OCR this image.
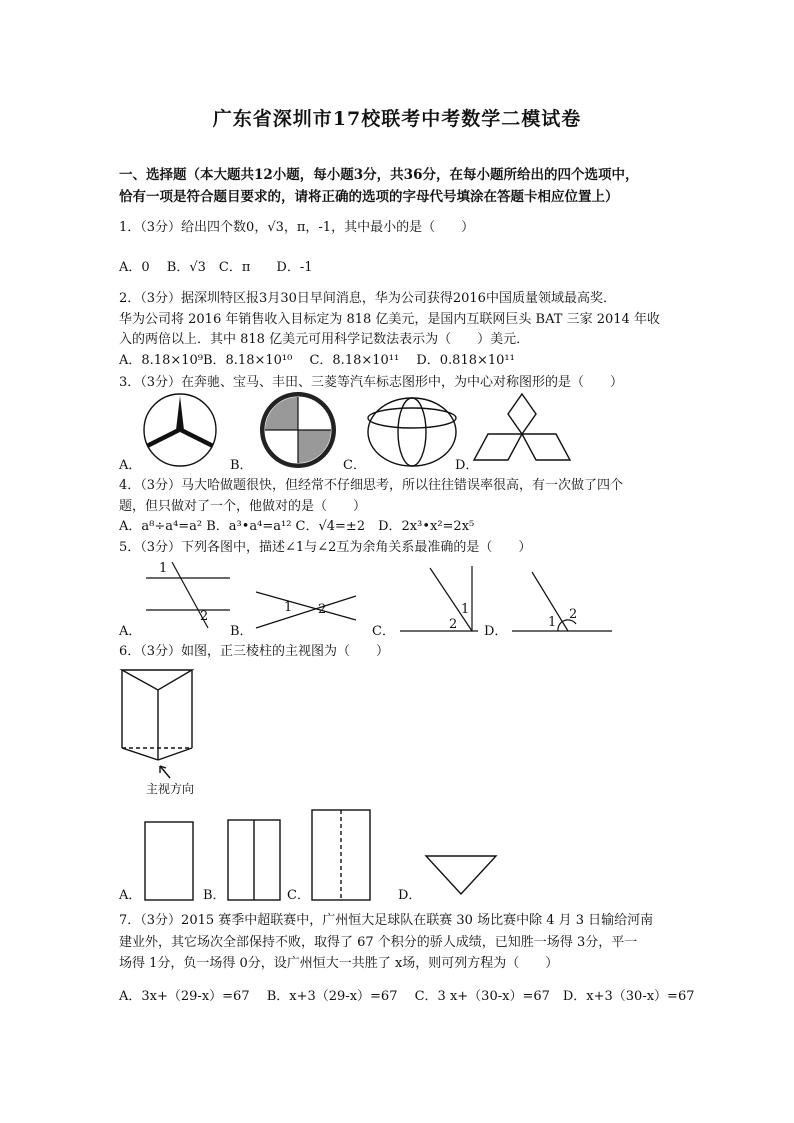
广东省深圳市17校联考中考数学二模试卷
一、选择题（本大题共12小题，每小题3分，共36分，在每小题所给出的四个选项中，
恰有一项是符合题目要求的，请将正确的选项的字母代号填涂在答题卡相应位置上）
1．（3分）给出四个数0，√3，π，-1，其中最小的是（　　）
A．0　 B．√3　C．π　　D．-1
2．（3分）据深圳特区报3月30日早间消息，华为公司获得2016中国质量领域最高奖．
华为公司将 2016 年销售收入目标定为 818 亿美元，是国内互联网巨头 BAT 三家 2014 年收
入的两倍以上．其中 818 亿美元可用科学记数法表示为（　　）美元．
A．8.18×10⁹B．8.18×10¹⁰　 C．8.18×10¹¹　 D．0.818×10¹¹
3．（3分）在奔驰、宝马、丰田、三菱等汽车标志图形中，为中心对称图形的是（　　）
A．	B．	C．	D．
4．（3分）马大哈做题很快，但经常不仔细思考，所以往往错误率很高，有一次做了四个
题，但只做对了一个，他做对的是（　　）
A．a⁸÷a⁴=a² B．a³•a⁴=a¹² C．√4=±2　D．2x³•x²=2x⁵
5．（3分）下列各图中，描述∠1与∠2互为余角关系最准确的是（　　）
1
2
1 2	1
2	1
2
A．	B．	C．	D．
6．（3分）如图，正三棱柱的主视图为（　　）
主视方向
A．	B．	C．	D．
7．（3分）2015 赛季中超联赛中，广州恒大足球队在联赛 30 场比赛中除 4 月 3 日输给河南
建业外，其它场次全部保持不败，取得了 67 个积分的骄人成绩，已知胜一场得 3分，平一
场得 1分，负一场得 0分，设广州恒大一共胜了 x场，则可列方程为（　　）
A．3x+（29-x）=67　 B．x+3（29-x）=67　 C．3 x+（30-x）=67　D．x+3（30-x）=67
